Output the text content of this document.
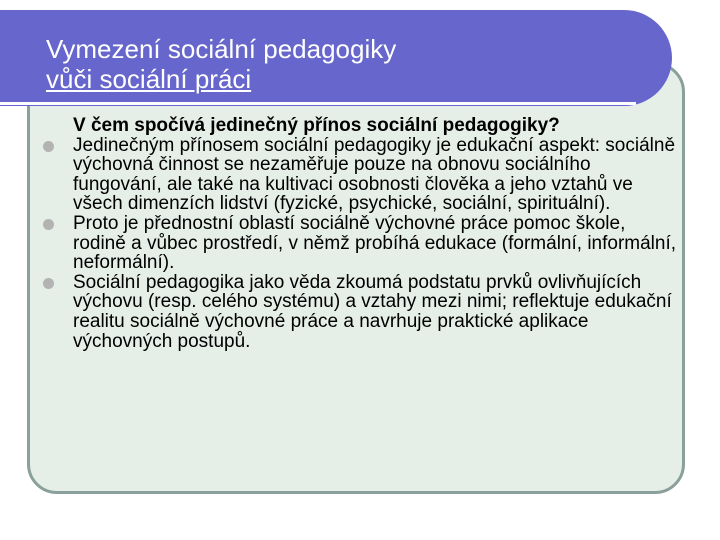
Vymezení sociální pedagogiky
vůči sociální práci

V čem spočívá jedinečný přínos sociální pedagogiky?

Jedinečným přínosem sociální pedagogiky je edukační aspekt: sociálně výchovná činnost se nezaměřuje pouze na obnovu sociálního fungování, ale také na kultivaci osobnosti člověka a jeho vztahů ve všech dimenzích lidství (fyzické, psychické, sociální, spirituální).
Proto je přednostní oblastí sociálně výchovné práce pomoc škole, rodině a vůbec prostředí, v němž probíhá edukace (formální, informální, neformální).
Sociální pedagogika jako věda zkoumá podstatu prvků ovlivňujících výchovu (resp. celého systému) a vztahy mezi nimi; reflektuje edukační realitu sociálně výchovné práce a navrhuje praktické aplikace výchovných postupů.
